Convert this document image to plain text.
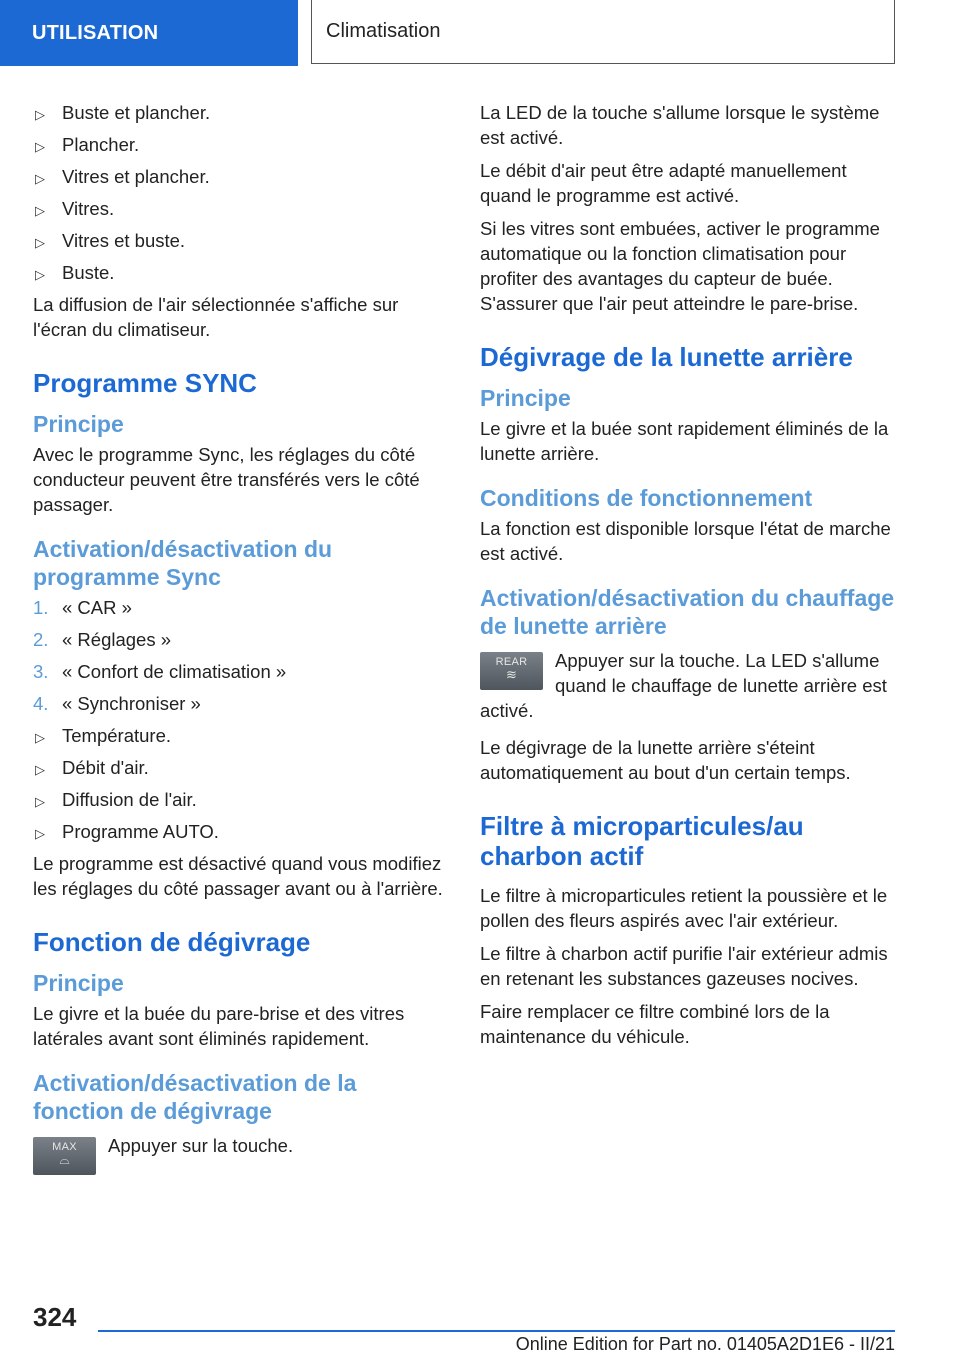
UTILISATION	Climatisation
▷ Buste et plancher.
▷ Plancher.
▷ Vitres et plancher.
▷ Vitres.
▷ Vitres et buste.
▷ Buste.

La diffusion de l'air sélectionnée s'affiche sur l'écran du climatiseur.

Programme SYNC
Principe

Avec le programme Sync, les réglages du côté conducteur peuvent être transférés vers le côté passager.

Activation/désactivation du programme Sync
1. « CAR »
2. « Réglages »
3. « Confort de climatisation »
4. « Synchroniser »
▷ Température.
▷ Débit d'air.
▷ Diffusion de l'air.
▷ Programme AUTO.

Le programme est désactivé quand vous modifiez les réglages du côté passager avant ou à l'arrière.

Fonction de dégivrage
Principe

Le givre et la buée du pare-brise et des vitres latérales avant sont éliminés rapidement.

Activation/désactivation de la fonction de dégivrage
MAX
⌓

Appuyer sur la touche.

La LED de la touche s'allume lorsque le système est activé.

Le débit d'air peut être adapté manuellement quand le programme est activé.

Si les vitres sont embuées, activer le programme automatique ou la fonction climatisation pour profiter des avantages du capteur de buée. S'assurer que l'air peut atteindre le pare-brise.

Dégivrage de la lunette arrière
Principe

Le givre et la buée sont rapidement éliminés de la lunette arrière.

Conditions de fonctionnement

La fonction est disponible lorsque l'état de marche est activé.

Activation/désactivation du chauffage de lunette arrière
REAR
≋

Appuyer sur la touche. La LED s'allume quand le chauffage de lunette arrière est activé.

Le dégivrage de la lunette arrière s'éteint automatiquement au bout d'un certain temps.

Filtre à microparticules/au charbon actif

Le filtre à microparticules retient la poussière et le pollen des fleurs aspirés avec l'air extérieur.

Le filtre à charbon actif purifie l'air extérieur admis en retenant les substances gazeuses nocives.

Faire remplacer ce filtre combiné lors de la maintenance du véhicule.

324
Online Edition for Part no. 01405A2D1E6 - II/21
